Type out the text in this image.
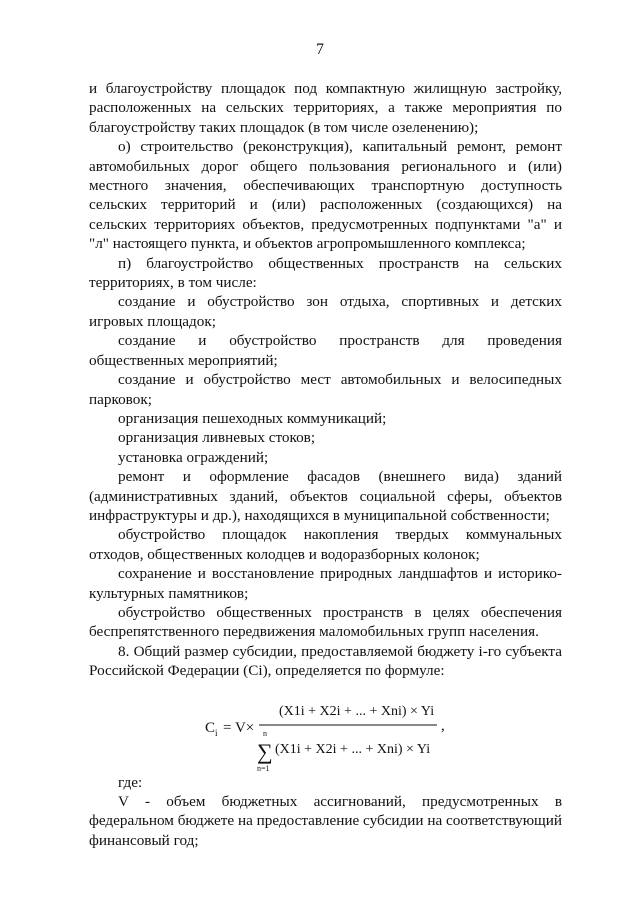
7

и благоустройству площадок под компактную жилищную застройку, расположенных на сельских территориях, а также мероприятия по благоустройству таких площадок (в том числе озеленению);

о) строительство (реконструкция), капитальный ремонт, ремонт автомобильных дорог общего пользования регионального и (или) местного значения, обеспечивающих транспортную доступность сельских территорий и (или) расположенных (создающихся) на сельских территориях объектов, предусмотренных подпунктами "а" и "л" настоящего пункта, и объектов агропромышленного комплекса;

п) благоустройство общественных пространств на сельских территориях, в том числе:

создание и обустройство зон отдыха, спортивных и детских игровых площадок;

создание и обустройство пространств для проведения общественных мероприятий;

создание и обустройство мест автомобильных и велосипедных парковок;

организация пешеходных коммуникаций;

организация ливневых стоков;

установка ограждений;

ремонт и оформление фасадов (внешнего вида) зданий (административных зданий, объектов социальной сферы, объектов инфраструктуры и др.), находящихся в муниципальной собственности;

обустройство площадок накопления твердых коммунальных отходов, общественных колодцев и водоразборных колонок;

сохранение и восстановление природных ландшафтов и историко-культурных памятников;

обустройство общественных пространств в целях обеспечения беспрепятственного передвижения маломобильных групп населения.

8. Общий размер субсидии, предоставляемой бюджету i-го субъекта Российской Федерации (Ci), определяется по формуле:

C i = V×
(X1i + X2i + ... + Xni) × Yi
,
n
∑
n=1
(X1i + X2i + ... + Xni) × Yi

где:

V - объем бюджетных ассигнований, предусмотренных в федеральном бюджете на предоставление субсидии на соответствующий финансовый год;
